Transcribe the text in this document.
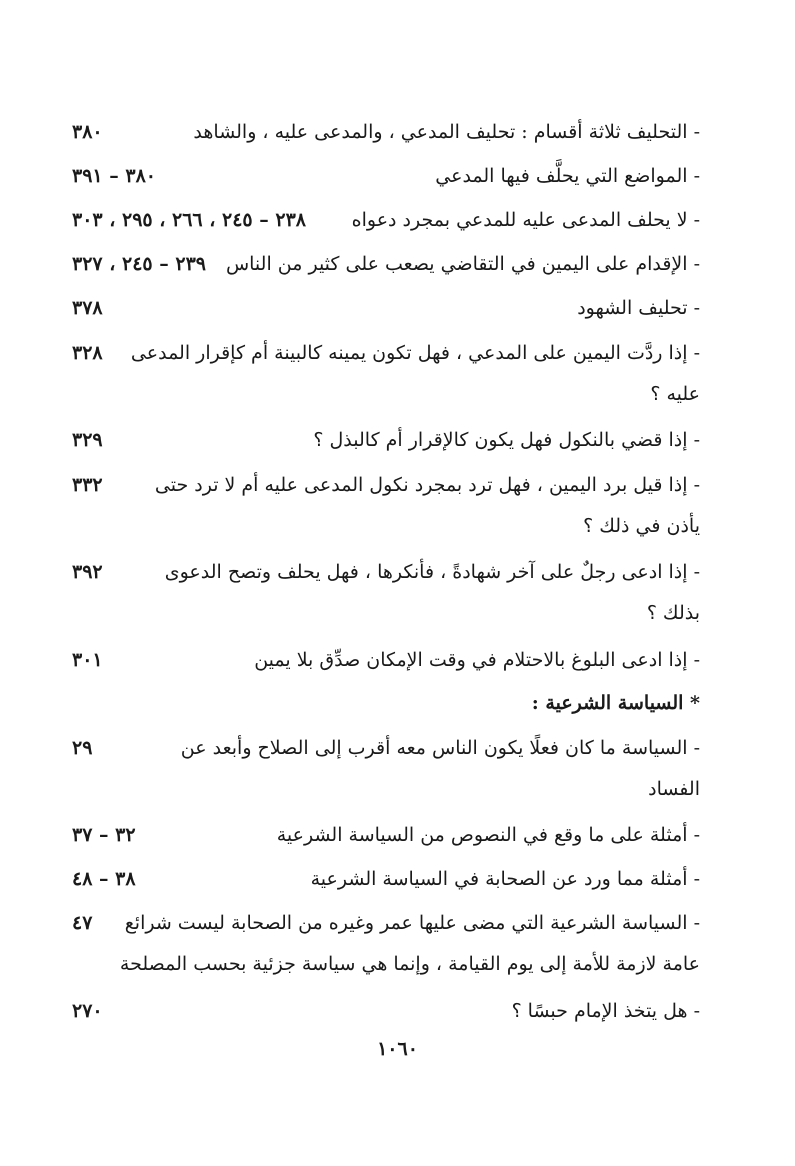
- التحليف ثلاثة أقسام : تحليف المدعي ، والمدعى عليه ، والشاهد
٣٨٠
- المواضع التي يحلَّف فيها المدعي
٣٨٠ – ٣٩١
- لا يحلف المدعى عليه للمدعي بمجرد دعواه
٢٣٨ – ٢٤٥ ، ٢٦٦ ، ٢٩٥ ، ٣٠٣
- الإقدام على اليمين في التقاضي يصعب على كثير من الناس
٢٣٩ – ٢٤٥ ، ٣٢٧
- تحليف الشهود
٣٧٨
- إذا ردَّت اليمين على المدعي ، فهل تكون يمينه كالبينة أم كإقرار المدعى
٣٢٨
عليه ؟
- إذا قضي بالنكول فهل يكون كالإقرار أم كالبذل ؟
٣٢٩
- إذا قيل برد اليمين ، فهل ترد بمجرد نكول المدعى عليه أم لا ترد حتى
٣٣٢
يأذن في ذلك ؟
- إذا ادعى رجلٌ على آخر شهادةً ، فأنكرها ، فهل يحلف وتصح الدعوى
٣٩٢
بذلك ؟
- إذا ادعى البلوغ بالاحتلام في وقت الإمكان صدِّق بلا يمين
٣٠١
* السياسة الشرعية :
- السياسة ما كان فعلًا يكون الناس معه أقرب إلى الصلاح وأبعد عن
٢٩
الفساد
- أمثلة على ما وقع في النصوص من السياسة الشرعية
٣٢ – ٣٧
- أمثلة مما ورد عن الصحابة في السياسة الشرعية
٣٨ – ٤٨
- السياسة الشرعية التي مضى عليها عمر وغيره من الصحابة ليست شرائع
٤٧
عامة لازمة للأمة إلى يوم القيامة ، وإنما هي سياسة جزئية بحسب المصلحة
- هل يتخذ الإمام حبسًا ؟
٢٧٠
١٠٦٠
